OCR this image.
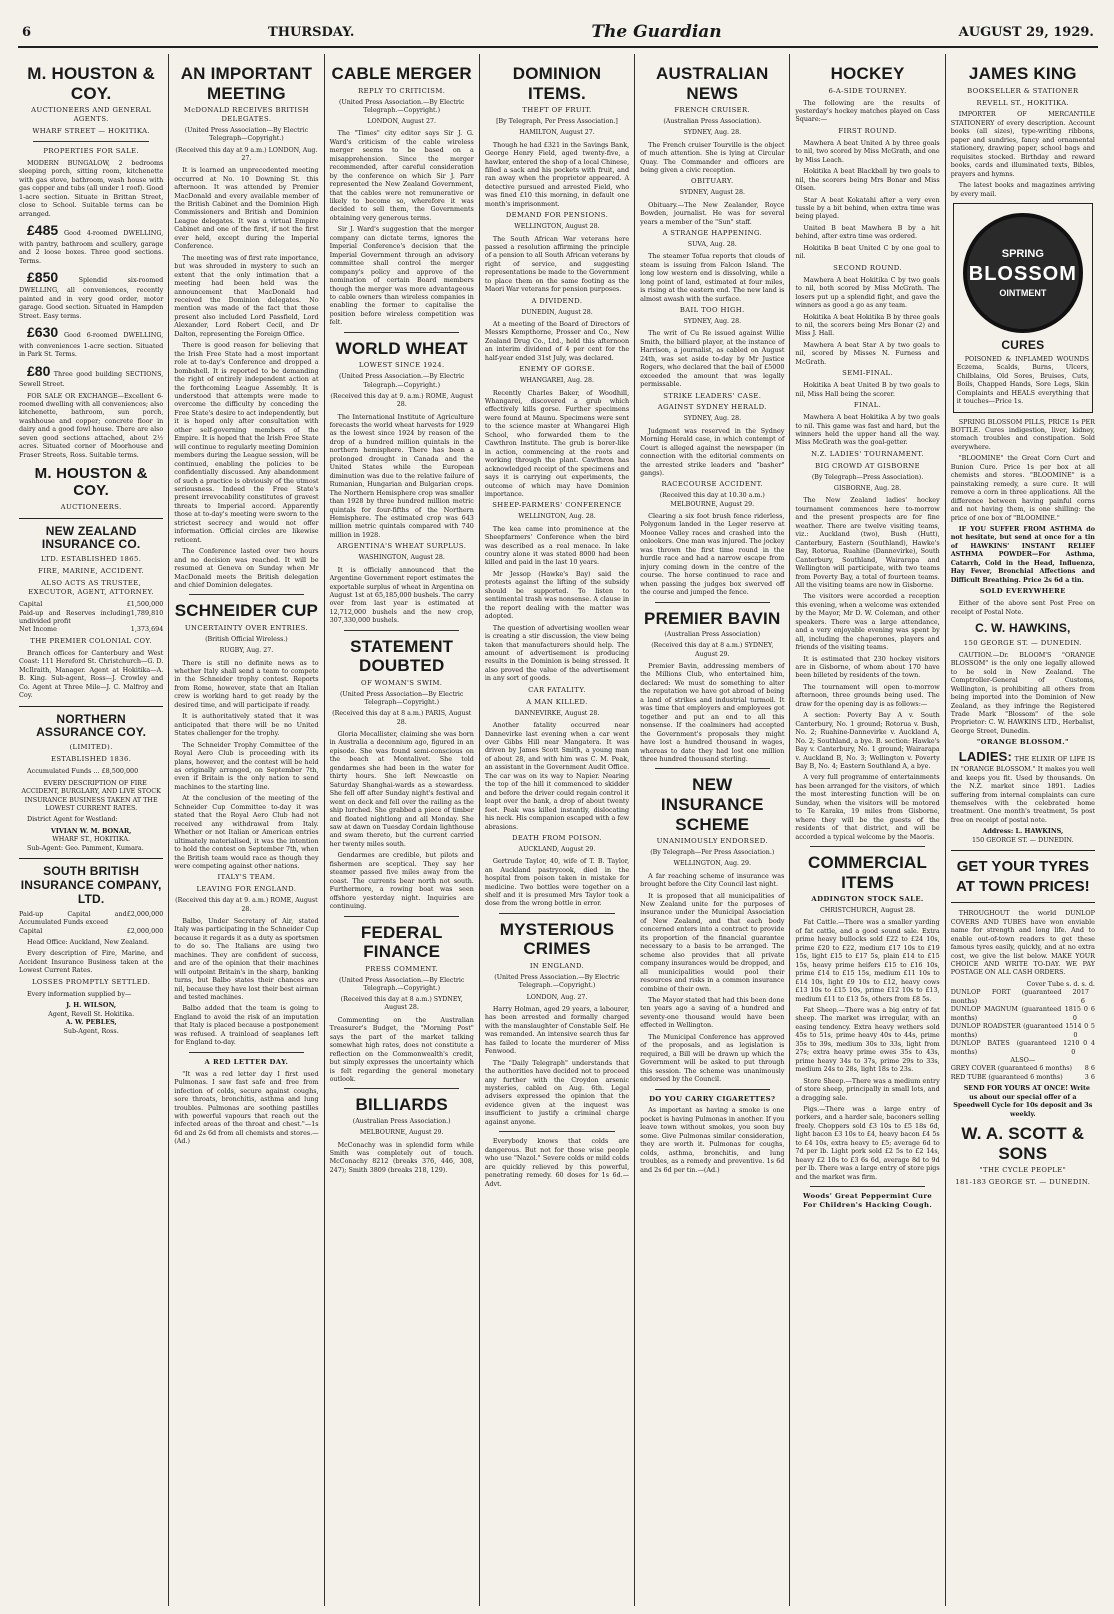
6	THURSDAY.	The Guardian	AUGUST 29, 1929.
M. HOUSTON & COY.
AUCTIONEERS AND GENERAL AGENTS.
WHARF STREET — HOKITIKA.
PROPERTIES FOR SALE.

MODERN BUNGALOW, 2 bedrooms sleeping porch, sitting room, kitchenette with gas stove, bathroom, wash house with gas copper and tubs (all under 1 roof). Good 1-acre section. Situate in Brittan Street, close to School. Suitable terms can be arranged.

£485 Good 4-roomed DWELLING, with pantry, bathroom and scullery, garage and 2 loose boxes. Three good sections. Terms.

£850	Splendid six-roomed DWELLING, all conveniences, recently painted and in very good order, motor garage. Good section. Situated in Hampden Street. Easy terms.

£630 Good 6-roomed DWELLING, with conveniences 1-acre section. Situated in Park St. Terms.

£80 Three good building SECTIONS, Sewell Street.

FOR SALE OR EXCHANGE—Excellent 6-roomed dwelling with all conveniences; also kitchenette, bathroom, sun porch, washhouse and copper; concrete floor in dairy and a good fowl house. There are also seven good sections attached, about 2½ acres. Situated corner of Moorhouse and Fraser Streets, Ross. Suitable terms.

M. HOUSTON & COY.
AUCTIONEERS.
NEW ZEALAND INSURANCE CO.
LTD. ESTABLISHED 1865.
FIRE, MARINE, ACCIDENT.
ALSO ACTS AS TRUSTEE, EXECUTOR, AGENT, ATTORNEY.
Capital	£1,500,000
Paid-up and Reserves including undivided profit
1,789,810
Net Income	1,373,694
THE PREMIER COLONIAL COY.

Branch offices for Canterbury and West Coast: 111 Hereford St. Christchurch—G. D. McIlraith, Manager. Agent at Hokitika—A. B. King. Sub-agent, Ross—J. Crowley and Co. Agent at Three Mile—J. C. Malfroy and Coy.

NORTHERN ASSURANCE COY.
(LIMITED).
ESTABLISHED 1836.

Accumulated Funds ... £8,500,000

EVERY DESCRIPTION OF FIRE ACCIDENT, BURGLARY, AND LIVE STOCK INSURANCE BUSINESS TAKEN AT THE LOWEST CURRENT RATES.

District Agent for Westland:

VIVIAN W. M. BONAR,
WHARF ST., HOKITIKA.

Sub-Agent: Geo. Pamment, Kumara.

SOUTH BRITISH INSURANCE COMPANY, LTD.
Paid-up Capital and Accumulated Funds exceed
£2,000,000
Capital	£2,000,000

Head Office: Auckland, New Zealand.

Every description of Fire, Marine, and Accident Insurance Business taken at the Lowest Current Rates.

LOSSES PROMPTLY SETTLED.

Every information supplied by—

J. H. WILSON,
Agent, Revell St. Hokitika.
A. W. PEBLES,
Sub-Agent, Ross.
AN IMPORTANT MEETING
McDONALD RECEIVES BRITISH DELEGATES.
(United Press Association—By Electric Telegraph—Copyright.)
(Received this day at 9 a.m.) LONDON, Aug. 27.

It is learned an unprecedented meeting occurred at No. 10 Downing St. this afternoon. It was attended by Premier MacDonald and every available member of the British Cabinet and the Dominion High Commissioners and British and Dominion League delegates. It was a virtual Empire Cabinet and one of the first, if not the first ever held, except during the Imperial Conference.

The meeting was of first rate importance, but was shrouded in mystery to such an extent that the only intimation that a meeting had been held was the announcement that MacDonald had received the Dominion delegates. No mention was made of the fact that those present also included Lord Passfield, Lord Alexander, Lord Robert Cecil, and Dr Dalton, representing the Foreign Office.

There is good reason for believing that the Irish Free State had a most important role at to-day's Conference and dropped a bombshell. It is reported to be demanding the right of entirely independent action at the forthcoming League Assembly. It is understood that attempts were made to overcome the difficulty by conceding the Free State's desire to act independently, but it is hoped only after consultation with other self-governing members of the Empire. It is hoped that the Irish Free State will continue to regularly meeting Dominion members during the League session, will be continued, enabling the policies to be confidentially discussed. Any abandonment of such a practice is obviously of the utmost seriousness. Indeed the Free State's present irrevocability constitutes of gravest threats to Imperial accord. Apparently those at to-day's meeting were sworn to the strictest secrecy and would not offer information. Official circles are likewise reticent.

The Conference lasted over two hours and no decision was reached. It will be resumed at Geneva on Sunday when Mr MacDonald meets the British delegation and chief Dominion delegates.

SCHNEIDER CUP
UNCERTAINTY OVER ENTRIES.
(British Official Wireless.)
RUGBY, Aug. 27.

There is still no definite news as to whether Italy shall send a team to compete in the Schneider trophy contest. Reports from Rome, however, state that an Italian crew is working hard to get ready by the desired time, and will participate if ready.

It is authoritatively stated that it was anticipated that there will be no United States challenger for the trophy.

The Schneider Trophy Committee of the Royal Aero Club is proceeding with its plans, however, and the contest will be held as originally arranged, on September 7th, even if Britain is the only nation to send machines to the starting line.

At the conclusion of the meeting of the Schneider Cup Committee to-day it was stated that the Royal Aero Club had not received any withdrawal from Italy. Whether or not Italian or American entries ultimately materialised, it was the intention to hold the contest on September 7th, when the British team would race as though they were competing against other nations.

ITALY'S TEAM.
LEAVING FOR ENGLAND.
(Received this day at 9. a.m.) ROME, August 28.

Balbo, Under Secretary of Air, stated Italy was participating in the Schneider Cup because it regards it as a duty as sportsmen to do so. The Italians are using two machines. They are confident of success, and are of the opinion that their machines will outpoint Britain's in the sharp, banking turns, but Balbo states their chances are nil, because they have lost their best airman and tested machines.

Balbo added that the team is going to England to avoid the risk of an imputation that Italy is placed because a postponement was refused. A trainload of seaplanes left for England to-day.

A RED LETTER DAY.

"It was a red letter day I first used Pulmonas. I saw fast safe and free from infection of colds, secure against coughs, sore throats, bronchitis, asthma and lung troubles. Pulmonas are soothing pastilles with powerful vapours that reach out the infected areas of the throat and chest."—1s 6d and 2s 6d from all chemists and stores.—(Ad.)

CABLE MERGER
REPLY TO CRITICISM.
(United Press Association.—By Electric Telegraph.—Copyright.)
LONDON, August 27.

The "Times" city editor says Sir J. G. Ward's criticism of the cable wireless merger seems to be based on a misapprehension. Since the merger recommended, after careful consideration by the conference on which Sir J. Parr represented the New Zealand Government, that the cables were not remunerative or likely to become so, wherefore it was decided to sell them, the Governments obtaining very generous terms.

Sir J. Ward's suggestion that the merger company can dictate terms, ignores the Imperial Conference's decision that the Imperial Government through an advisory committee shall control the merger company's policy and approve of the nomination of certain Board members though the merger was more advantageous to cable owners than wireless companies in enabling the former to capitalise the position before wireless competition was felt.

WORLD WHEAT
LOWEST SINCE 1924.
(United Press Association.—By Electric Telegraph.—Copyright.)
(Received this day at 9. a.m.) ROME, August 28.

The International Institute of Agriculture forecasts the world wheat harvests for 1929 as the lowest since 1924 by reason of the drop of a hundred million quintals in the northern hemisphere. There has been a prolonged drought in Canada and the United States while the European diminution was due to the relative failure of Rumanian, Hungarian and Bulgarian crops. The Northern Hemisphere crop was smaller than 1928 by three hundred million metric quintals for four-fifths of the Northern Hemisphere. The estimated crop was 643 million metric quintals compared with 740 million in 1928.

ARGENTINA'S WHEAT SURPLUS.
WASHINGTON, August 28.

It is officially announced that the Argentine Government report estimates the exportable surplus of wheat in Argentina on August 1st at 65,185,000 bushels. The carry over from last year is estimated at 12,712,000 bushels and the new crop, 307,330,000 bushels.

STATEMENT DOUBTED
OF WOMAN'S SWIM.
(United Press Association—By Electric Telegraph—Copyright.)
(Received this day at 8 a.m.) PARIS, August 28.

Gloria Mecallister, claiming she was born in Australia a decennium ago, figured in an episode. She was found semi-conscious on the beach at Montalivet. She told gendarmes she had been in the water for thirty hours. She left Newcastle on Saturday Shanghai-wards as a stewardess. She fell off after Sunday night's festival and went on deck and fell over the railing as the ship lurched. She grabbed a piece of timber and floated nightlong and all Monday. She saw at dawn on Tuesday Cordain lighthouse and swam thereto, but the current carried her twenty miles south.

Gendarmes are credible, but pilots and fishermen are sceptical. They say her steamer passed five miles away from the coast. The currents bear north not south. Furthermore, a rowing boat was seen offshore yesterday night. Inquiries are continuing.

FEDERAL FINANCE
PRESS COMMENT.
(United Press Association.—By Electric Telegraph.—Copyright.)
(Received this day at 8 a.m.) SYDNEY, August 28.

Commenting on the Australian Treasurer's Budget, the "Morning Post" says the part of the market talking somewhat high rates, does not constitute a reflection on the Commonwealth's credit, but simply expresses the uncertainty which is felt regarding the general monetary outlook.

BILLIARDS
(Australian Press Association.)
MELBOURNE, August 29.

McConachy was in splendid form while Smith was completely out of touch. McConachy 8212 (breaks 376, 446, 308, 247); Smith 3809 (breaks 218, 129).

DOMINION ITEMS.
THEFT OF FRUIT.
[By Telegraph, Per Press Association.]
HAMILTON, August 27.

Though he had £321 in the Savings Bank, George Henry Field, aged twenty-five, a hawker, entered the shop of a local Chinese, filled a sack and his pockets with fruit, and ran away when the proprietor appeared. A detective pursued and arrested Field, who was fined £10 this morning, in default one month's imprisonment.

DEMAND FOR PENSIONS.
WELLINGTON, August 28.

The South African War veterans here passed a resolution affirming the principle of a pension to all South African veterans by right of service, and suggesting representations be made to the Government to place them on the same footing as the Maori War veterans for pension purposes.

A DIVIDEND.
DUNEDIN, August 28.

At a meeting of the Board of Directors of Messrs Kempthorne, Prosser and Co., New Zealand Drug Co., Ltd., held this afternoon an interim dividend of 4 per cent for the half-year ended 31st July, was declared.

ENEMY OF GORSE.
WHANGAREI, Aug. 28.

Recently Charles Baker, of Woodhill, Whangarei, discovered a grub which effectively kills gorse. Further specimens were found at Maunu. Specimens were sent to the science master at Whangarei High School, who forwarded them to the Cawthron Institute. The grub is borer-like in action, commencing at the roots and working through the plant. Cawthron has acknowledged receipt of the specimens and says it is carrying out experiments, the outcome of which may have Dominion importance.

SHEEP-FARMERS' CONFERENCE
WELLINGTON, Aug. 28.

The kea came into prominence at the Sheepfarmers' Conference when the bird was described as a real menace. In lake country alone it was stated 8000 had been killed and paid in the last 10 years.

Mr Jessop (Hawke's Bay) said the protests against the lifting of the subsidy should be supported. To listen to sentimental trash was nonsense. A clause in the report dealing with the matter was adopted.

The question of advertising woollen wear is creating a stir discussion, the view being taken that manufacturers should help. The amount of advertisement is producing results in the Dominion is being stressed. It also proved the value of the advertisement in any sort of goods.

CAR FATALITY.
A MAN KILLED.
DANNEVIRKE, August 28.

Another fatality occurred near Dannevirke last evening when a car went over Gibbs Hill near Mangatera. It was driven by James Scott Smith, a young man of about 28, and with him was C. M. Peak, an assistant in the Government Audit Office. The car was on its way to Napier. Nearing the top of the hill it commenced to skidder and before the driver could regain control it leapt over the bank, a drop of about twenty feet. Peak was killed instantly, dislocating his neck. His companion escaped with a few abrasions.

DEATH FROM POISON.
AUCKLAND, August 29.

Gertrude Taylor, 40, wife of T. B. Taylor, an Auckland pastrycook, died in the hospital from poison taken in mistake for medicine. Two bottles were together on a shelf and it is presumed Mrs Taylor took a dose from the wrong bottle in error.

MYSTERIOUS CRIMES
IN ENGLAND.
(United Press Association.—By Electric Telegraph.—Copyright.)
LONDON, Aug. 27.

Harry Holman, aged 29 years, a labourer, has been arrested and formally charged with the manslaughter of Constable Self. He was remanded. An intensive search thus far has failed to locate the murderer of Miss Fenwood.

The "Daily Telegraph" understands that the authorities have decided not to proceed any further with the Croydon arsenic mysteries, cabled on Aug. 6th. Legal advisers expressed the opinion that the evidence given at the inquest was insufficient to justify a criminal charge against anyone.

Everybody knows that colds are dangerous. But not for those wise people who use "Nazol." Severe colds or mild colds are quickly relieved by this powerful, penetrating remedy. 60 doses for 1s 6d.—Advt.

AUSTRALIAN NEWS
FRENCH CRUISER.
(Australian Press Association).
SYDNEY, Aug. 28.

The French cruiser Tourville is the object of much attention. She is lying at Circular Quay. The Commander and officers are being given a civic reception.

OBITUARY.
SYDNEY, August 28.

Obituary.—The New Zealander, Royce Bowden, journalist. He was for several years a member of the "Sun" staff.

A STRANGE HAPPENING.
SUVA, Aug. 28.

The steamer Tofua reports that clouds of steam is issuing from Falcon Island. The long low western end is dissolving, while a long point of land, estimated at four miles, is rising at the eastern end. The new land is almost awash with the surface.

BAIL TOO HIGH.
SYDNEY, Aug. 28.

The writ of Cu Re issued against Willie Smith, the billiard player, at the instance of Harrison, a journalist, as cabled on August 24th, was set aside to-day by Mr Justice Rogers, who declared that the bail of £5000 exceeded the amount that was legally permissable.

STRIKE LEADERS' CASE.
AGAINST SYDNEY HERALD.
SYDNEY, Aug. 28.

Judgment was reserved in the Sydney Morning Herald case, in which contempt of Court is alleged against the newspaper (in connection with the editorial comments on the arrested strike leaders and "basher" gangs).

RACECOURSE ACCIDENT.
(Received this day at 10.30 a.m.) MELBOURNE, August 29.

Clearing a six foot brush fence riderless, Polygonum landed in the Leger reserve at Moonee Valley races and crashed into the onlookers. One man was injured. The jockey was thrown the first time round in the hurdle race and had a narrow escape from injury coming down in the centre of the course. The horse continued to race and when passing the judges box swerved off the course and jumped the fence.

PREMIER BAVIN
(Australian Press Association)
(Received this day at 8 a.m.) SYDNEY, August 29.

Premier Bavin, addressing members of the Millions Club, who entertained him, declared: We must do something to alter the reputation we have got abroad of being a land of strikes and industrial turmoil. It was time that employers and employees got together and put an end to all this nonsense. If the coalminers had accepted the Government's proposals they might have lost a hundred thousand in wages, whereas to date they had lost one million three hundred thousand sterling.

NEW INSURANCE SCHEME
UNANIMOUSLY ENDORSED.
(By Telegraph—Per Press Association.)
WELLINGTON, Aug. 29.

A far reaching scheme of insurance was brought before the City Council last night.

It is proposed that all municipalities of New Zealand unite for the purposes of insurance under the Municipal Association of New Zealand, and that each body concerned enters into a contract to provide its proportion of the financial guarantee necessary to a basis to be arranged. The scheme also provides that all private company insurances would be dropped, and all municipalities would pool their resources and risks in a common insurance combine of their own.

The Mayor stated that had this been done ten years ago a saving of a hundred and seventy-one thousand would have been effected in Wellington.

The Municipal Conference has approved of the proposals, and as legislation is required, a Bill will be drawn up which the Government will be asked to put through this session. The scheme was unanimously endorsed by the Council.

DO YOU CARRY CIGARETTES?

As important as having a smoke is one pocket is having Pulmonas in another. If you leave town without smokes, you soon buy some. Give Pulmonas similar consideration, they are worth it. Pulmonas for coughs, colds, asthma, bronchitis, and lung troubles, as a remedy and preventive. 1s 6d and 2s 6d per tin.—(Ad.)

HOCKEY
6-A-SIDE TOURNEY.

The following are the results of yesterday's hockey matches played on Cass Square:—

FIRST ROUND.

Mawhera A beat United A by three goals to nil, two scored by Miss McGrath, and one by Miss Leach.

Hokitika A beat Blackball by two goals to nil, the scorers being Mrs Bonar and Miss Olsen.

Star A beat Kokatahi after a very even tussle by a bit behind, when extra time was being played.

United B beat Mawhera B by a hit behind, after extra time was ordered.

Hokitika B beat United C by one goal to nil.

SECOND ROUND.

Mawhera A beat Hokitika C by two goals to nil, both scored by Miss McGrath. The losers put up a splendid fight, and gave the winners as good a go as any team.

Hokitika A beat Hokitika B by three goals to nil, the scorers being Mrs Bonar (2) and Miss J. Hall.

Mawhera A beat Star A by two goals to nil, scored by Misses N. Furness and McGrath.

SEMI-FINAL.

Hokitika A beat United B by two goals to nil, Miss Hall being the scorer.

FINAL.

Mawhera A beat Hokitika A by two goals to nil. This game was fast and hard, but the winners held the upper hand all the way. Miss McGrath was the goal-getter.

N.Z. LADIES' TOURNAMENT.
BIG CROWD AT GISBORNE
(By Telegraph—Press Association).
GISBORNE, Aug. 28.

The New Zealand ladies' hockey tournament commences here to-morrow and the present prospects are for fine weather. There are twelve visiting teams, viz.: Auckland (two), Bush (Hutt), Canterbury, Eastern (Southland), Hawke's Bay, Rotorua, Ruahine (Dannevirke), South Canterbury, Southland, Wairarapa and Wellington will participate, with two teams from Poverty Bay, a total of fourteen teams. All the visiting teams are now in Gisborne.

The visitors were accorded a reception this evening, when a welcome was extended by the Mayor, Mr D. W. Coleman, and other speakers. There was a large attendance, and a very enjoyable evening was spent by all, including the chaperones, players and friends of the visiting teams.

It is estimated that 230 hockey visitors are in Gisborne, of whom about 170 have been billeted by residents of the town.

The tournament will open to-morrow afternoon, three grounds being used. The draw for the opening day is as follows:—

A section: Poverty Bay A v. South Canterbury, No. 1 ground; Rotorua v. Bush, No. 2; Ruahine-Dannevirke v. Auckland A, No. 2; Southland, a bye. B. section: Hawke's Bay v. Canterbury, No. 1 ground; Wairarapa v. Auckland B, No. 3; Wellington v. Poverty Bay B, No. 4; Eastern Southland A, a bye.

A very full programme of entertainments has been arranged for the visitors, of which the most interesting function will be on Sunday, when the visitors will be motored to Te Karaka, 19 miles from Gisborne, where they will be the guests of the residents of that district, and will be accorded a typical welcome by the Maoris.

COMMERCIAL ITEMS
ADDINGTON STOCK SALE.
CHRISTCHURCH, August 28.

Fat Cattle.—There was a smaller yarding of fat cattle, and a good sound sale. Extra prime heavy bullocks sold £22 to £24 10s, prime £20 to £22, medium £17 10s to £19 15s, light £15 to £17 5s, plain £14 to £15 15s, heavy prime heifers £15 to £16 10s, prime £14 to £15 15s, medium £11 10s to £14 10s, light £9 10s to £12, heavy cows £13 10s to £15 10s, prime £12 10s to £13, medium £11 to £13 5s, others from £8 5s.

Fat Sheep.—There was a big entry of fat sheep. The market was irregular, with an easing tendency. Extra heavy wethers sold 45s to 51s, prime heavy 40s to 44s, prime 35s to 39s, medium 30s to 33s, light from 27s; extra heavy prime ewes 35s to 43s, prime heavy 34s to 37s, prime 29s to 33s, medium 24s to 28s, light 18s to 23s.

Store Sheep.—There was a medium entry of store sheep, principally in small lots, and a dragging sale.

Pigs.—There was a large entry of porkers, and a harder sale, baconers selling freely. Choppers sold £3 10s to £5 18s 6d, light bacon £3 10s to £4, heavy bacon £4 5s to £4 10s, extra heavy to £5; average 6d to 7d per lb. Light pork sold £2 5s to £2 14s, heavy £2 10s to £3 6s 6d, average 8d to 9d per lb. There was a large entry of store pigs and the market was firm.

Woods' Great Peppermint Cure For Children's Hacking Cough.
JAMES KING
BOOKSELLER & STATIONER
REVELL ST., HOKITIKA.

IMPORTER OF MERCANTILE STATIONERY of every description. Account books (all sizes), type-writing ribbons, paper and sundries, fancy and ornamental stationery, drawing paper, school bags and requisites stocked. Birthday and reward books, cards and illuminated texts, Bibles, prayers and hymns.

The latest books and magazines arriving by every mail.

SPRING
BLOSSOM
OINTMENT
CURES

POISONED & INFLAMED WOUNDS Eczema, Scalds, Burns, Ulcers, Chilblains, Old Sores, Bruises, Cuts, Boils, Chapped Hands, Sore Legs, Skin Complaints and HEALS everything that it touches—Price 1s.

SPRING BLOSSOM PILLS, PRICE 1s PER BOTTLE. Cures indigestion, liver, kidney, stomach troubles and constipation. Sold everywhere.

"BLOOMINE" the Great Corn Curt and Bunion Cure. Price 1s per box at all chemists and stores. "BLOOMINE" is a painstaking remedy, a sure cure. It will remove a corn in three applications. All the difference between having painful corns and not having them, is one shilling: the price of one box of "BLOOMINE."

IF YOU SUFFER FROM ASTHMA do not hesitate, but send at once for a tin of HAWKINS' INSTANT RELIEF ASTHMA POWDER—For Asthma, Catarrh, Cold in the Head, Influenza, Hay Fever, Bronchial Affections and Difficult Breathing. Price 2s 6d a tin.

SOLD EVERYWHERE

Either of the above sent Post Free on receipt of Postal Note.

C. W. HAWKINS,
150 GEORGE ST. — DUNEDIN.

CAUTION.—Dr. BLOOM'S "ORANGE BLOSSOM" is the only one legally allowed to be sold in New Zealand. The Comptroller-General of Customs, Wellington, is prohibiting all others from being imported into the Dominion of New Zealand, as they infringe the Registered Trade Mark "Blossom" of the sole Proprietor: C. W. HAWKINS LTD., Herbalist, George Street, Dunedin.

"ORANGE BLOSSOM."

LADIES: THE ELIXIR OF LIFE IS IN "ORANGE BLOSSOM." It makes you well and keeps you fit. Used by thousands. On the N.Z. market since 1891. Ladies suffering from internal complaints can cure themselves with the celebrated home treatment. One month's treatment, 5s post free on receipt of postal note.

Address: L. HAWKINS,
150 GEORGE ST. — DUNEDIN.
GET YOUR TYRES AT TOWN PRICES!

THROUGHOUT the world DUNLOP COVERS AND TUBES have won enviable name for strength and long life. And to enable out-of-town readers to get these famous tyres easily, quickly, and at no extra cost, we give the list below. MAKE YOUR CHOICE AND WRITE TO-DAY. WE PAY POSTAGE ON ALL CASH ORDERS.

Cover Tube s. d. s. d.
DUNLOP FORT (guaranteed 20 months)
17 6
DUNLOP MAGNUM (guaranteed 18 months)
15 0 6 0
DUNLOP ROADSTER (guaranteed 15 months)
14 0 5 0
DUNLOP BATES (guaranteed 12 months)
10 0 4 0
ALSO—
GREY COVER (guaranteed 6 months) 8 6
RED TUBE (guaranteed 6 months)	3 6

SEND FOR YOURS AT ONCE! Write us about our special offer of a Speedwell Cycle for 10s deposit and 3s weekly.

W. A. SCOTT & SONS
"THE CYCLE PEOPLE"
181-183 GEORGE ST. — DUNEDIN.
